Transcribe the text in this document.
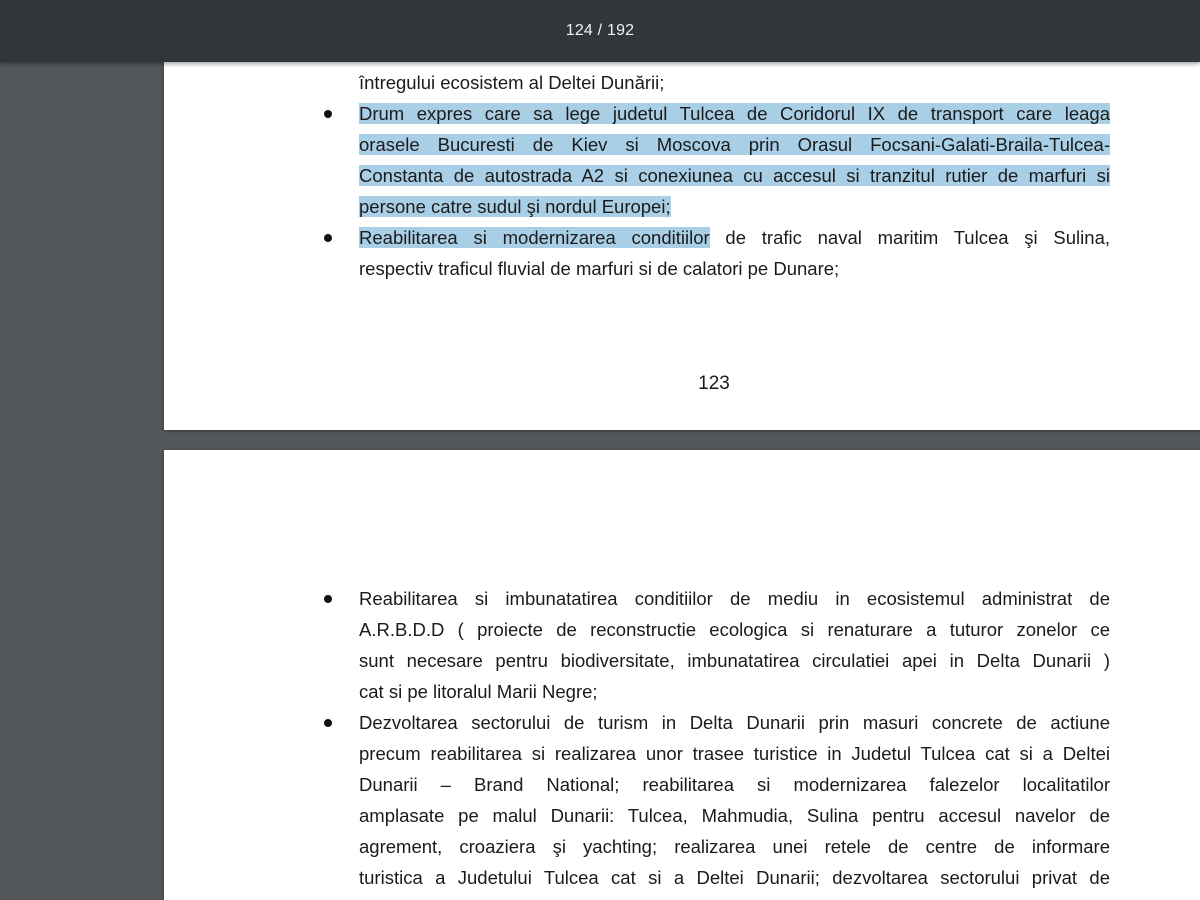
124 / 192
întregului ecosistem al Deltei Dunării;
Drum expres care sa lege judetul Tulcea de Coridorul IX de transport care leaga
orasele Bucuresti de Kiev si Moscova prin Orasul Focsani-Galati-Braila-Tulcea-
Constanta de autostrada A2 si conexiunea cu accesul si tranzitul rutier de marfuri si
persone catre sudul şi nordul Europei;
Reabilitarea si modernizarea conditiilor de trafic naval maritim Tulcea şi Sulina,
respectiv traficul fluvial de marfuri si de calatori pe Dunare;
123
Reabilitarea si imbunatatirea conditiilor de mediu in ecosistemul administrat de
A.R.B.D.D ( proiecte de reconstructie ecologica si renaturare a tuturor zonelor ce
sunt necesare pentru biodiversitate, imbunatatirea circulatiei apei in Delta Dunarii )
cat si pe litoralul Marii Negre;
Dezvoltarea sectorului de turism in Delta Dunarii prin masuri concrete de actiune
precum reabilitarea si realizarea unor trasee turistice in Judetul Tulcea cat si a Deltei
Dunarii – Brand National; reabilitarea si modernizarea falezelor localitatilor
amplasate pe malul Dunarii: Tulcea, Mahmudia, Sulina pentru accesul navelor de
agrement, croaziera şi yachting; realizarea unei retele de centre de informare
turistica a Judetului Tulcea cat si a Deltei Dunarii; dezvoltarea sectorului privat de
